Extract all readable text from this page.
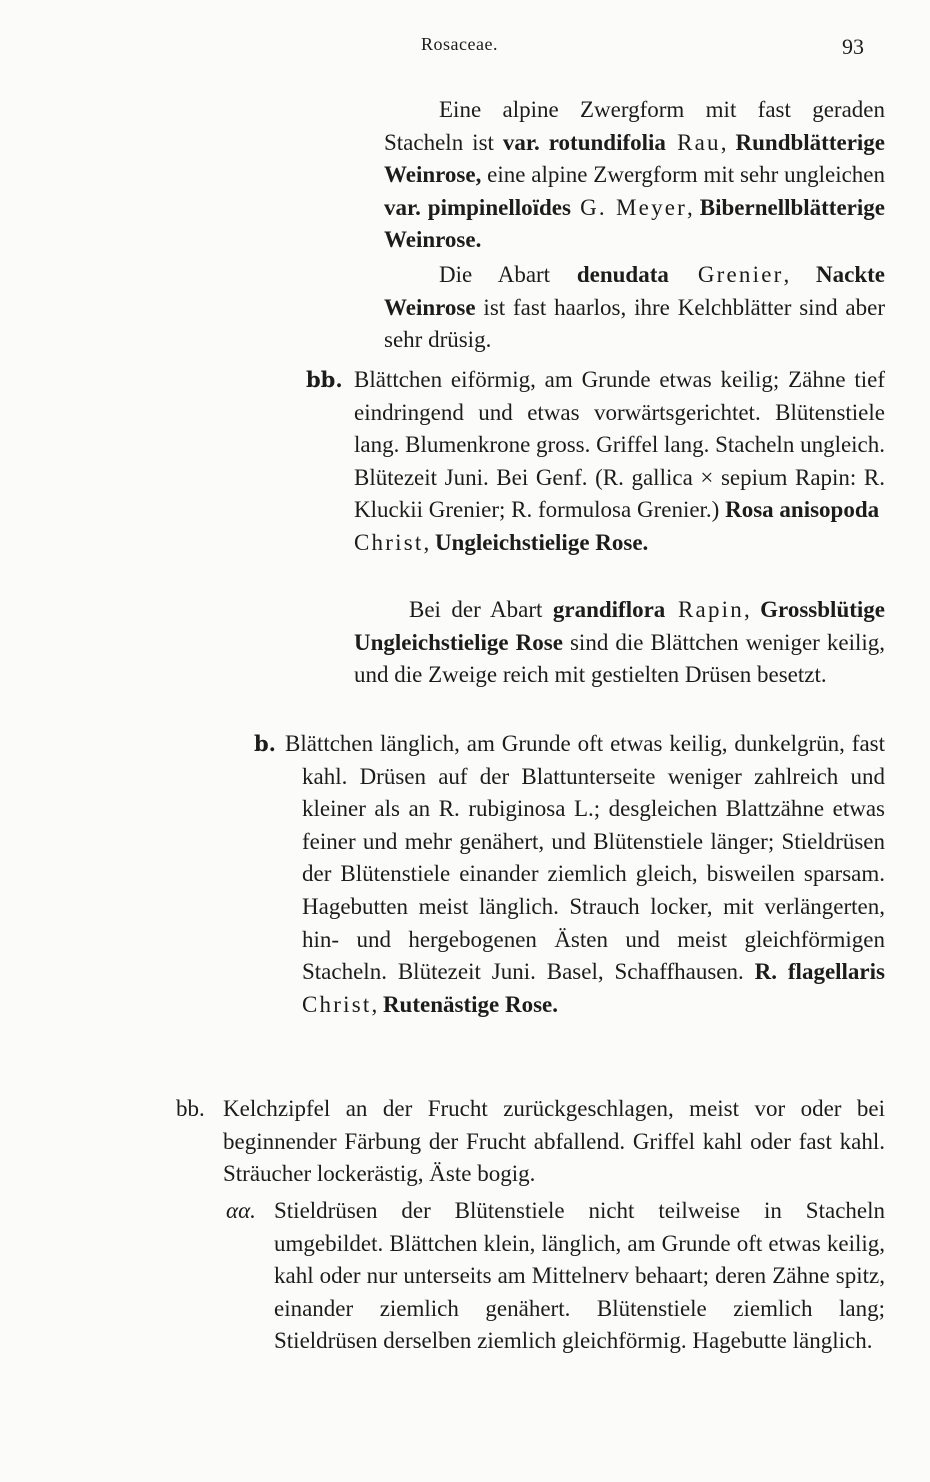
Rosaceae.	93

Eine alpine Zwergform mit fast geraden Stacheln ist var. rotundifolia Rau, Rundblätterige Weinrose, eine alpine Zwergform mit sehr ungleichen var. pimpinelloïdes G. Meyer, Bibernellblätterige Weinrose.

Die Abart denudata Grenier, Nackte Weinrose ist fast haarlos, ihre Kelchblätter sind aber sehr drüsig.

bb. Blättchen eiförmig, am Grunde etwas keilig; Zähne tief eindringend und etwas vorwärtsgerichtet. Blütenstiele lang. Blumenkrone gross. Griffel lang. Stacheln ungleich. Blütezeit Juni. Bei Genf. (R. gallica × sepium Rapin: R. Kluckii Grenier; R. formulosa Grenier.) Rosa anisopoda
Christ, Ungleichstielige Rose.

Bei der Abart grandiflora Rapin, Grossblütige Ungleichstielige Rose sind die Blättchen weniger keilig, und die Zweige reich mit gestielten Drüsen besetzt.

b. Blättchen länglich, am Grunde oft etwas keilig, dunkelgrün, fast kahl. Drüsen auf der Blattunterseite weniger zahlreich und kleiner als an R. rubiginosa L.; desgleichen Blattzähne etwas feiner und mehr genähert, und Blütenstiele länger; Stieldrüsen der Blütenstiele einander ziemlich gleich, bisweilen sparsam. Hagebutten meist länglich. Strauch locker, mit verlängerten, hin- und hergebogenen Ästen und meist gleichförmigen Stacheln. Blütezeit Juni. Basel, Schaffhausen. R. flagellaris Christ, Rutenästige Rose.

bb. Kelchzipfel an der Frucht zurückgeschlagen, meist vor oder bei beginnender Färbung der Frucht abfallend. Griffel kahl oder fast kahl. Sträucher lockerästig, Äste bogig.

αα. Stieldrüsen der Blütenstiele nicht teilweise in Stacheln umgebildet. Blättchen klein, länglich, am Grunde oft etwas keilig, kahl oder nur unterseits am Mittelnerv behaart; deren Zähne spitz, einander ziemlich genähert. Blütenstiele ziemlich lang; Stieldrüsen derselben ziemlich gleichförmig. Hagebutte länglich.
